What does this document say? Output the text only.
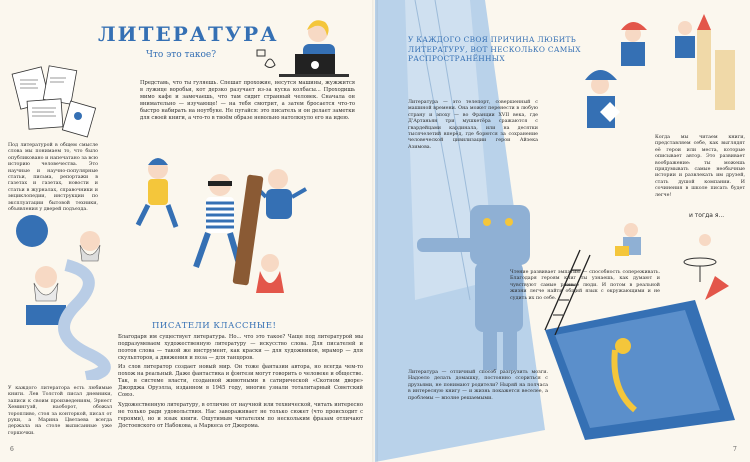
ЛИТЕРАТУРА
Что это такое?
Представь, что ты гуляешь. Спешат прохожие, несутся машины, жужжится в лужице воробьи, кот дерзко разучает из-за куска колбасы... Проходишь мимо кафе и замечаешь, что там сидит странный человек. Сначала он внимательно — изучающе! — на тебя смотрит, а затем бросается что-то быстро набирать на ноутбуке. Не пугайся: это писатель и он делает заметки для своей книги, а что-то в твоём образе невольно натолкнуло его на идею.
Под литературой в общем смысле слова мы понимаем то, что было опубликовано и напечатано за всю историю человечества. Это научные и научно-популярные статьи, письма, репортажи в газетах и газетах, новости и статьи в журналах, справочники и энциклопедии, инструкции по эксплуатации бытовой техники, объявления у дверей подъезда.
ПИСАТЕЛИ КЛАССНЫЕ!
Благодаря им существует литература. Но... что это такое? Чаще под литературой мы подразумеваем художественную литературу — искусство слова. Для писателей и поэтов слова — такой же инструмент, как краски — для художников, мрамор — для скульпторов, а движения и поза — для танцоров.
Из слов литератор создает новый мир. Он тоже фантазии автора, но всегда чем-то похож на реальный. Даже фантастика и фэнтези могут говорить о человеке и обществе. Так, в системе власти, созданной животными в сатирической «Скотном дворе» Джорджа Оруэлла, изданном в 1945 году, многие узнали тоталитарный Советский Союз.
Художественную литературу, в отличие от научной или технической, читать интересно не только ради удовольствия. Нас завораживает не только сюжет (что происходит с героями), но и язык книги. Ощутимым читателям по нескольким фразам отличают Достоевского от Набокова, а Маркеса от Джерома.
У каждого литератора есть любимые книги. Лев Толстой писал дневники, записи к своим произведениям, Эрнест Хемингуэй, наоборот, обожал торопливо, стоя за конторкой, писал от руки, а Марина Цветаева всегда держала на столе выписанные уже горшочки.
6
У КАЖДОГО СВОЯ ПРИЧИНА ЛЮБИТЬ ЛИТЕРАТУРУ, ВОТ НЕСКОЛЬКО САМЫХ РАСПРОСТРАНЁННЫХ
Литература — это телепорт, совершенный с машиной времени. Она может перенести в любую страну и эпоху — во Франции XVII века, где Д'Артаньян три мушкетёра сражаются с гвардейцами кардинала, или на десятки тысячелетий вперёд, где борются за сохранение человеческой цивилизации герои Айзека Азимова.
Когда мы читаем книги, представляем себе, как выглядят её герои или места, которые описывает автор. Это развивает воображение: ты можешь придумывать самые необычные истории и развлекать им друзей, стать душой компании. И сочинения в школе писать будет легче!
и тогда я...
Чтение развивает эмпатию — способность сопереживать. Благодаря героям книг ты узнаешь, как думают и чувствуют самые разные люди. И потом в реальной жизни легче найти общий язык с окружающими и не судить их по себе.
Литература — отличный способ разгрузить мозги. Надоело делать домашку, постоянно ссориться с друзьями, не понимают родители? Ныряй на полчаса в интересную книгу — и жизнь покажется веселее, а проблемы — вполне решаемыми.
7
